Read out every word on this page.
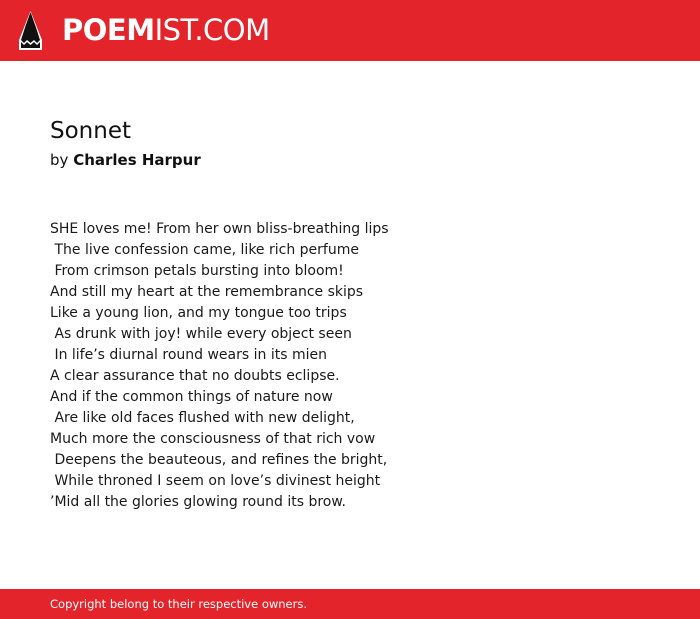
POEMIST.COM
Sonnet

by Charles Harpur

SHE loves me! From her own bliss-breathing lips
The live confession came, like rich perfume
From crimson petals bursting into bloom!
And still my heart at the remembrance skips
Like a young lion, and my tongue too trips
As drunk with joy! while every object seen
In life’s diurnal round wears in its mien
A clear assurance that no doubts eclipse.
And if the common things of nature now
Are like old faces flushed with new delight,
Much more the consciousness of that rich vow
Deepens the beauteous, and refines the bright,
While throned I seem on love’s divinest height
’Mid all the glories glowing round its brow.
Copyright belong to their respective owners.
